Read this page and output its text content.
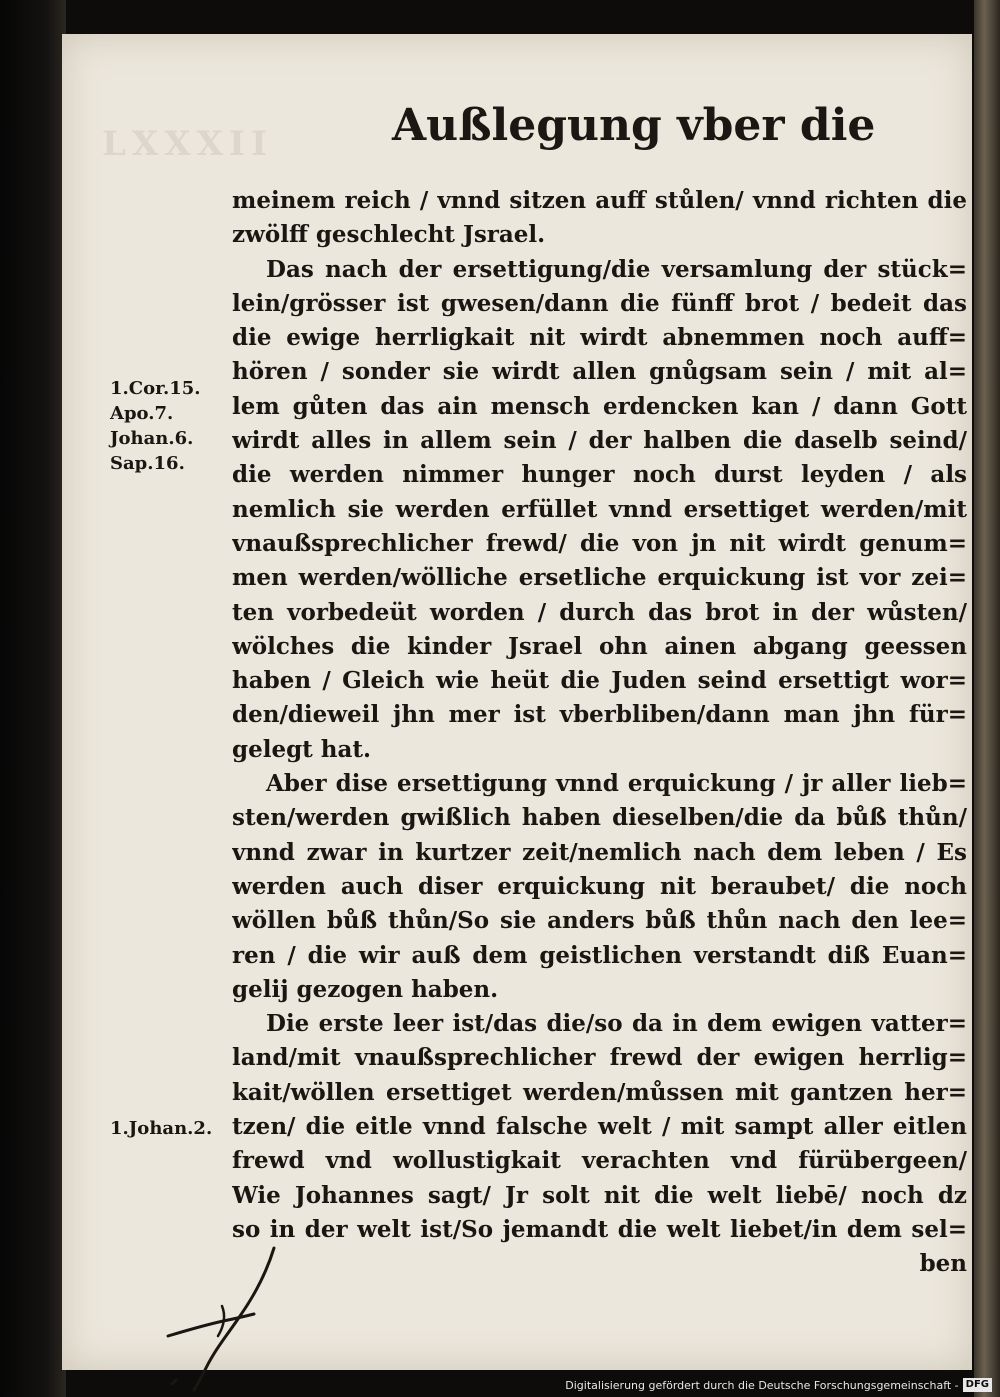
LXXXII	Außlegung vber die
meinem reich / vnnd sitzen auff stůlen/ vnnd richten die
zwölff geschlecht Jsrael.
Das nach der ersettigung/die versamlung der stück=
lein/grösser ist gwesen/dann die fünff brot / bedeit das
die ewige herrligkait nit wirdt abnemmen noch auff=
hören / sonder sie wirdt allen gnůgsam sein / mit al=
lem gůten das ain mensch erdencken kan / dann Gott
wirdt alles in allem sein / der halben die daselb seind/
die werden nimmer hunger noch durst leyden / als
nemlich sie werden erfüllet vnnd ersettiget werden/mit
vnaußsprechlicher frewd/ die von jn nit wirdt genum=
men werden/wölliche ersetliche erquickung ist vor zei=
ten vorbedeüt worden / durch das brot in der wůsten/
wölches die kinder Jsrael ohn ainen abgang geessen
haben / Gleich wie heüt die Juden seind ersettigt wor=
den/dieweil jhn mer ist vberbliben/dann man jhn für=
gelegt hat.
Aber dise ersettigung vnnd erquickung / jr aller lieb=
sten/werden gwißlich haben dieselben/die da bůß thůn/
vnnd zwar in kurtzer zeit/nemlich nach dem leben / Es
werden auch diser erquickung nit beraubet/ die noch
wöllen bůß thůn/So sie anders bůß thůn nach den lee=
ren / die wir auß dem geistlichen verstandt diß Euan=
gelij gezogen haben.
Die erste leer ist/das die/so da in dem ewigen vatter=
land/mit vnaußsprechlicher frewd der ewigen herrlig=
kait/wöllen ersettiget werden/můssen mit gantzen her=
tzen/ die eitle vnnd falsche welt / mit sampt aller eitlen
frewd vnd wollustigkait verachten vnd fürübergeen/
Wie Johannes sagt/ Jr solt nit die welt liebē/ noch dz
so in der welt ist/So jemandt die welt liebet/in dem sel=
ben
1.Cor.15.
Apo.7.
Johan.6.
Sap.16.
1.Johan.2.
Digitalisierung gefördert durch die Deutsche Forschungsgemeinschaft - DFG
